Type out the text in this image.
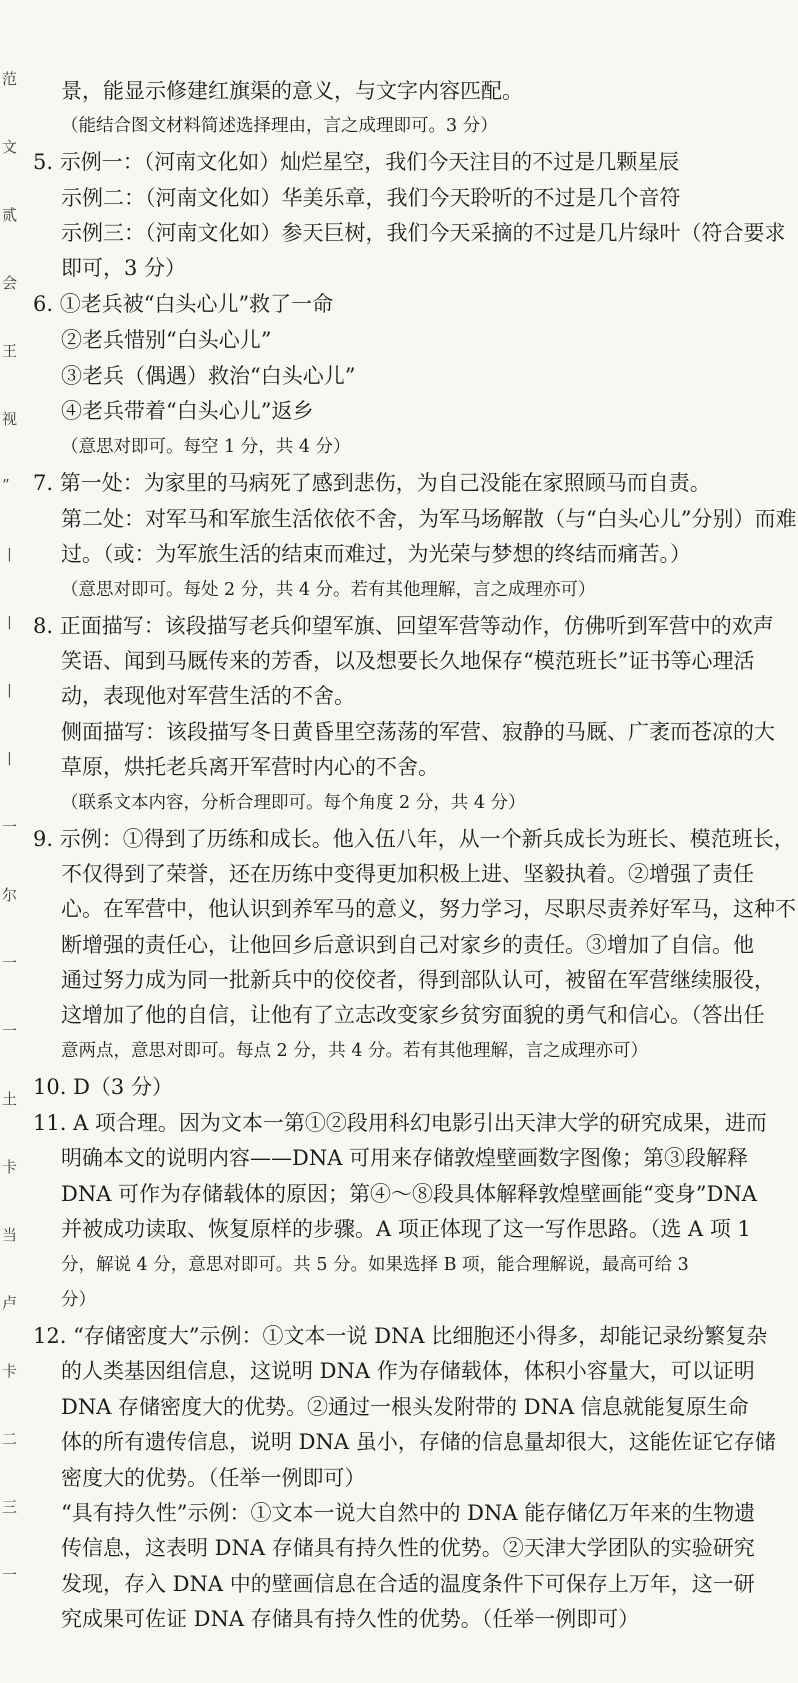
范
文
贰
会
王
视
”
丨
丨
丨
丨
一
尔
一
一
土
卡
当
卢
卡
二
三
一
景，能显示修建红旗渠的意义，与文字内容匹配。
（能结合图文材料简述选择理由，言之成理即可。3 分）
5. 示例一：（河南文化如）灿烂星空，我们今天注目的不过是几颗星辰
示例二：（河南文化如）华美乐章，我们今天聆听的不过是几个音符
示例三：（河南文化如）参天巨树，我们今天采摘的不过是几片绿叶（符合要求
即可，3 分）
6. ①老兵被“白头心儿”救了一命
②老兵惜别“白头心儿”
③老兵（偶遇）救治“白头心儿”
④老兵带着“白头心儿”返乡
（意思对即可。每空 1 分，共 4 分）
7. 第一处：为家里的马病死了感到悲伤，为自己没能在家照顾马而自责。
第二处：对军马和军旅生活依依不舍，为军马场解散（与“白头心儿”分别）而难
过。（或：为军旅生活的结束而难过，为光荣与梦想的终结而痛苦。）
（意思对即可。每处 2 分，共 4 分。若有其他理解，言之成理亦可）
8. 正面描写：该段描写老兵仰望军旗、回望军营等动作，仿佛听到军营中的欢声
笑语、闻到马厩传来的芳香，以及想要长久地保存“模范班长”证书等心理活
动，表现他对军营生活的不舍。
侧面描写：该段描写冬日黄昏里空荡荡的军营、寂静的马厩、广袤而苍凉的大
草原，烘托老兵离开军营时内心的不舍。
（联系文本内容，分析合理即可。每个角度 2 分，共 4 分）
9. 示例：①得到了历练和成长。他入伍八年，从一个新兵成长为班长、模范班长，
不仅得到了荣誉，还在历练中变得更加积极上进、坚毅执着。②增强了责任
心。在军营中，他认识到养军马的意义，努力学习，尽职尽责养好军马，这种不
断增强的责任心，让他回乡后意识到自己对家乡的责任。③增加了自信。他
通过努力成为同一批新兵中的佼佼者，得到部队认可，被留在军营继续服役，
这增加了他的自信，让他有了立志改变家乡贫穷面貌的勇气和信心。（答出任
意两点，意思对即可。每点 2 分，共 4 分。若有其他理解，言之成理亦可）
10. D（3 分）
11. A 项合理。因为文本一第①②段用科幻电影引出天津大学的研究成果，进而
明确本文的说明内容——DNA 可用来存储敦煌壁画数字图像；第③段解释
DNA 可作为存储载体的原因；第④～⑧段具体解释敦煌壁画能“变身”DNA
并被成功读取、恢复原样的步骤。A 项正体现了这一写作思路。（选 A 项 1
分，解说 4 分，意思对即可。共 5 分。如果选择 B 项，能合理解说，最高可给 3
分）
12. “存储密度大”示例：①文本一说 DNA 比细胞还小得多，却能记录纷繁复杂
的人类基因组信息，这说明 DNA 作为存储载体，体积小容量大，可以证明
DNA 存储密度大的优势。②通过一根头发附带的 DNA 信息就能复原生命
体的所有遗传信息，说明 DNA 虽小，存储的信息量却很大，这能佐证它存储
密度大的优势。（任举一例即可）
“具有持久性”示例：①文本一说大自然中的 DNA 能存储亿万年来的生物遗
传信息，这表明 DNA 存储具有持久性的优势。②天津大学团队的实验研究
发现，存入 DNA 中的壁画信息在合适的温度条件下可保存上万年，这一研
究成果可佐证 DNA 存储具有持久性的优势。（任举一例即可）
